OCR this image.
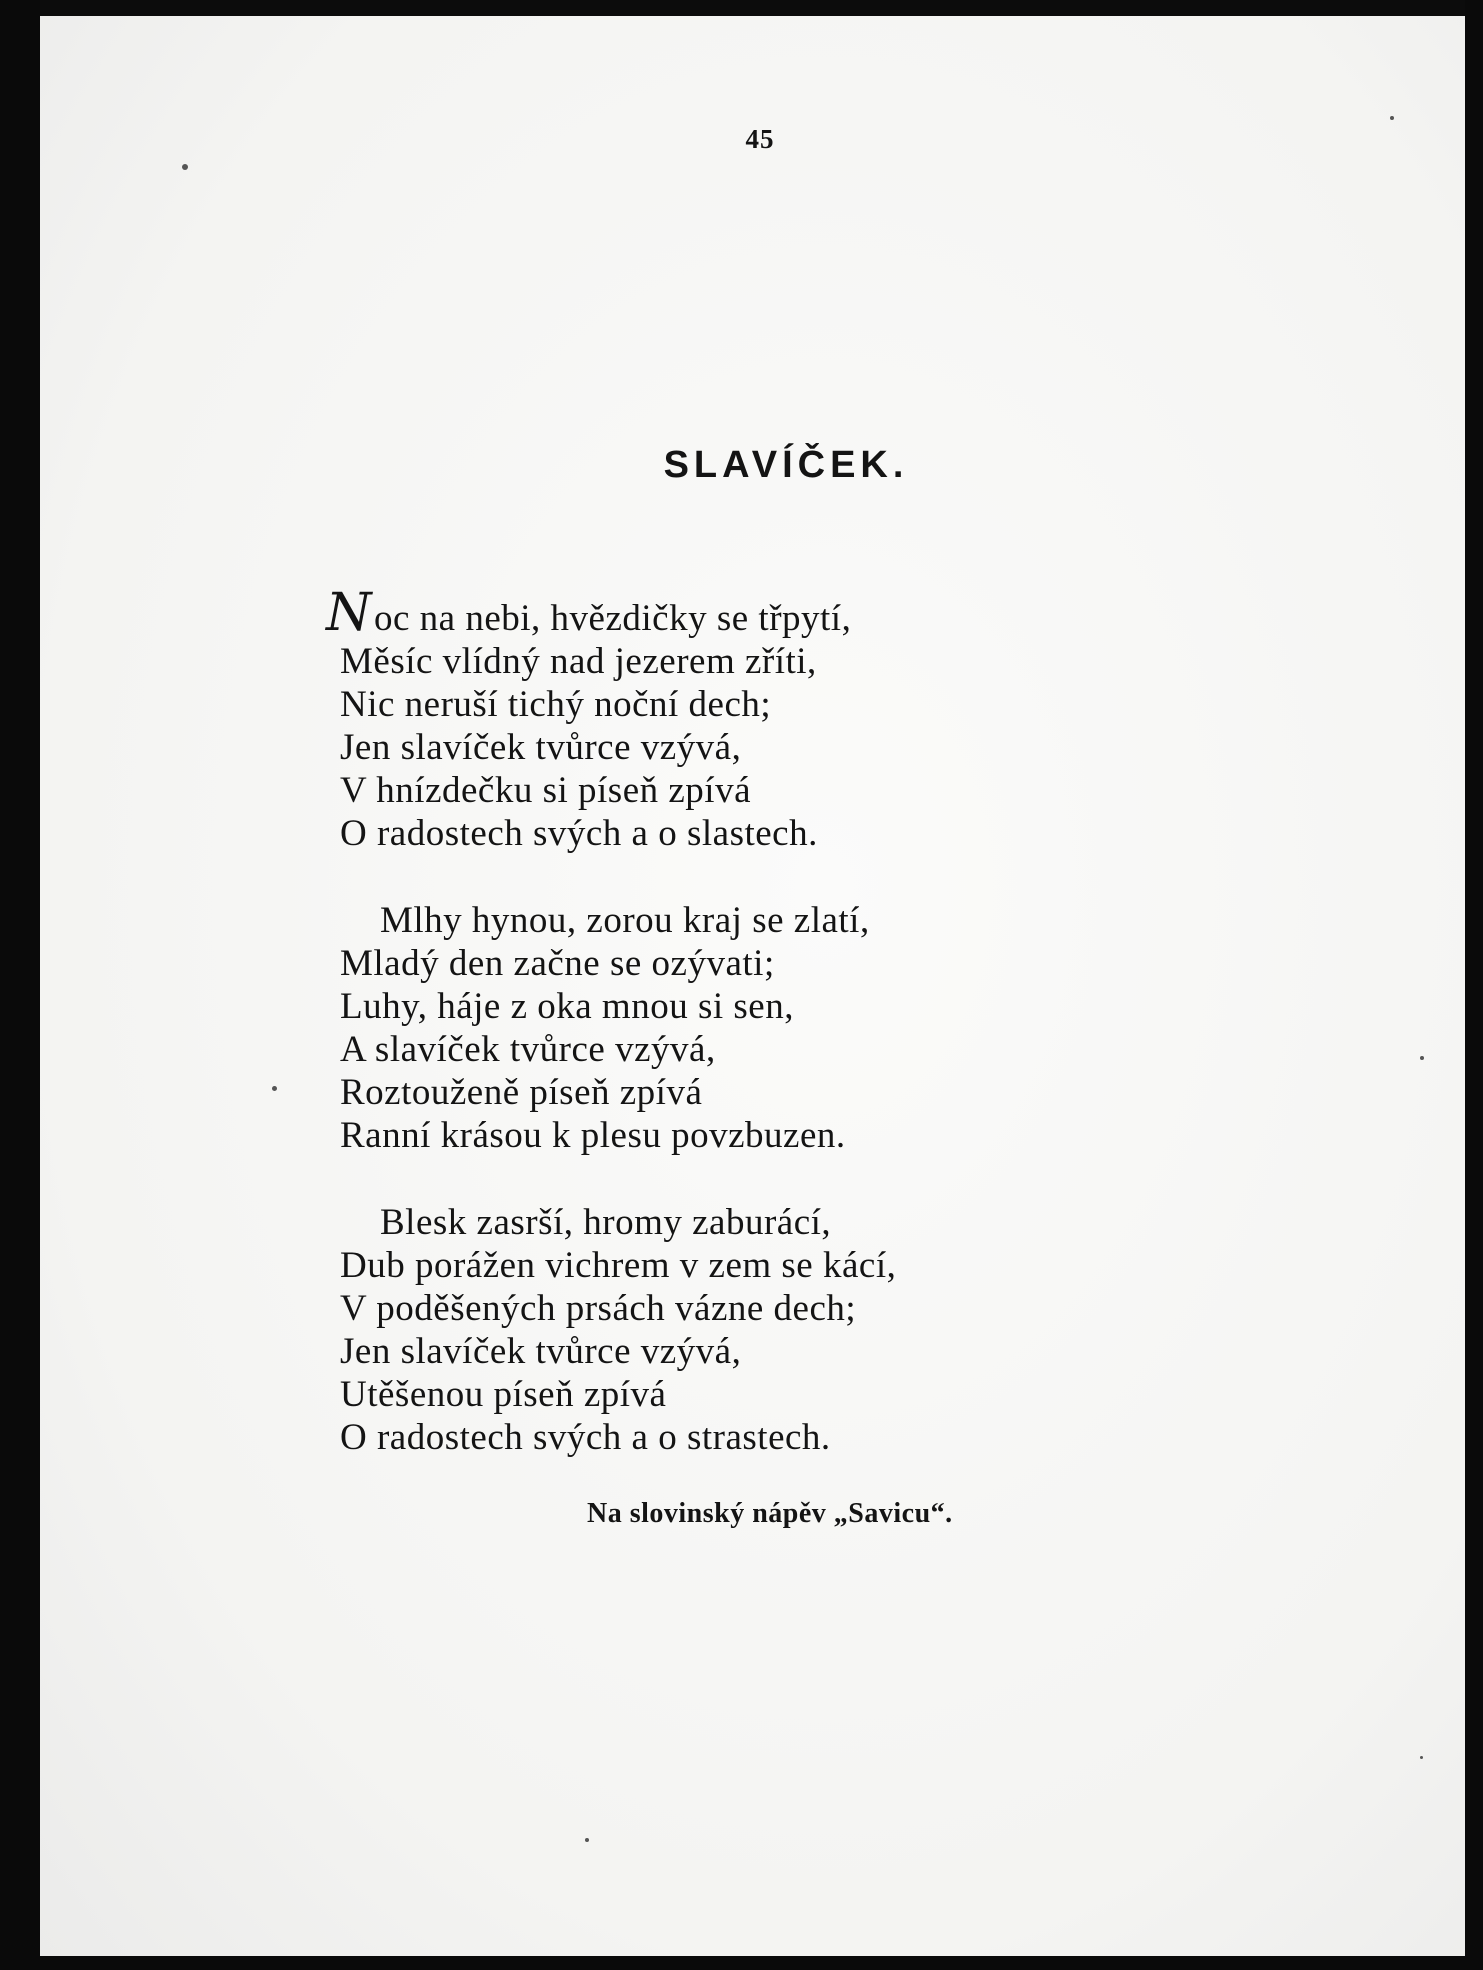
45
SLAVÍČEK.
Noc na nebi, hvězdičky se třpytí,
Měsíc vlídný nad jezerem zříti,
Nic neruší tichý noční dech;
Jen slavíček tvůrce vzývá,
V hnízdečku si píseň zpívá
O radostech svých a o slastech.
Mlhy hynou, zorou kraj se zlatí,
Mladý den začne se ozývati;
Luhy, háje z oka mnou si sen,
A slavíček tvůrce vzývá,
Roztouženě píseň zpívá
Ranní krásou k plesu povzbuzen.
Blesk zasrší, hromy zaburácí,
Dub porážen vichrem v zem se kácí,
V poděšených prsách vázne dech;
Jen slavíček tvůrce vzývá,
Utěšenou píseň zpívá
O radostech svých a o strastech.
Na slovinský nápěv „Savicu“.
